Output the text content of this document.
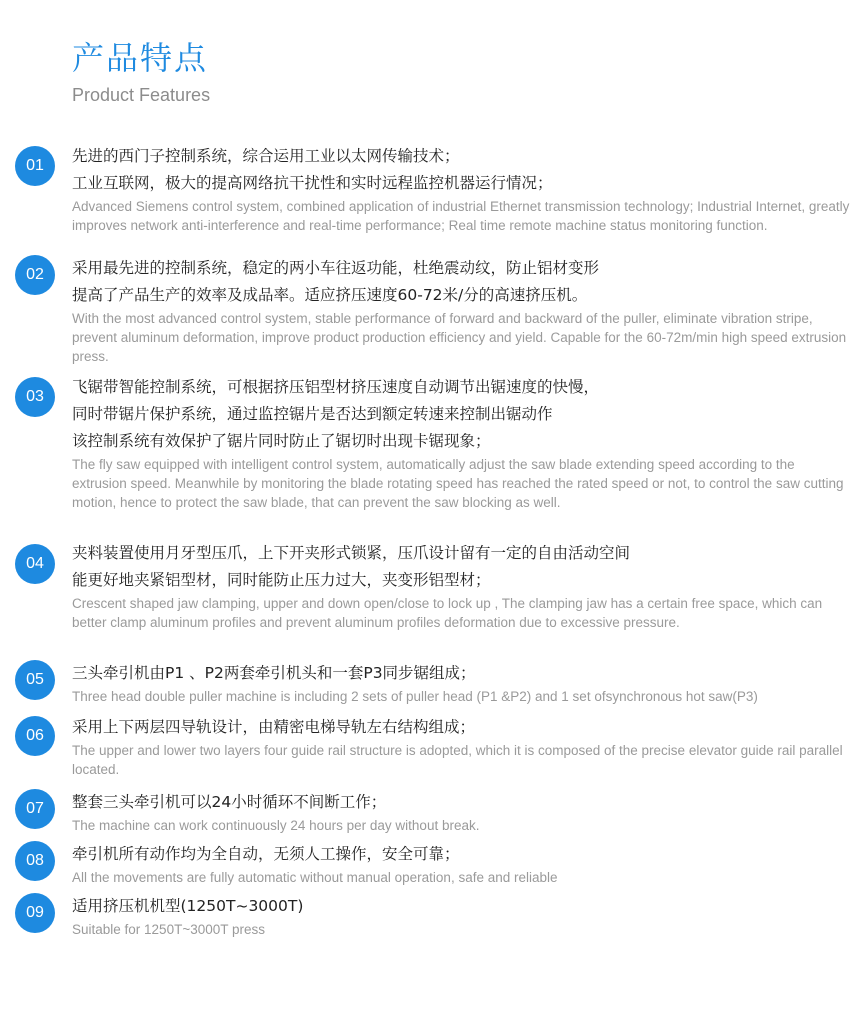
产品特点
Product Features
01
先进的西门子控制系统，综合运用工业以太网传输技术；
工业互联网，极大的提高网络抗干扰性和实时远程监控机器运行情况；
Advanced Siemens control system, combined application of industrial Ethernet transmission technology; Industrial Internet, greatly improves network anti-interference and real-time performance; Real time remote machine status monitoring function.
02	采用最先进的控制系统，稳定的两小车往返功能，杜绝震动纹，防止铝材变形
提高了产品生产的效率及成品率。适应挤压速度60-72米/分的高速挤压机。
With the most advanced control system, stable performance of forward and backward of the puller, eliminate vibration stripe, prevent aluminum deformation, improve product production efficiency and yield. Capable for the 60-72m/min high speed extrusion press.
03
飞锯带智能控制系统，可根据挤压铝型材挤压速度自动调节出锯速度的快慢，
同时带锯片保护系统，通过监控锯片是否达到额定转速来控制出锯动作
该控制系统有效保护了锯片同时防止了锯切时出现卡锯现象；
The fly saw equipped with intelligent control system, automatically adjust the saw blade extending speed according to the extrusion speed. Meanwhile by monitoring the blade rotating speed has reached the rated speed or not, to control the saw cutting motion, hence to protect the saw blade, that can prevent the saw blocking as well.
04
夹料装置使用月牙型压爪，上下开夹形式锁紧，压爪设计留有一定的自由活动空间
能更好地夹紧铝型材，同时能防止压力过大，夹变形铝型材；
Crescent shaped jaw clamping, upper and down open/close to lock up , The clamping jaw has a certain free space, which can better clamp aluminum profiles and prevent aluminum profiles deformation due to excessive pressure.
05	三头牵引机由P1 、P2两套牵引机头和一套P3同步锯组成；
Three head double puller machine is including 2 sets of puller head (P1 &P2) and 1 set ofsynchronous hot saw(P3)
06	采用上下两层四导轨设计，由精密电梯导轨左右结构组成；
The upper and lower two layers four guide rail structure is adopted, which it is composed of the precise elevator guide rail parallel located.
07	整套三头牵引机可以24小时循环不间断工作；
The machine can work continuously 24 hours per day without break.
08	牵引机所有动作均为全自动，无须人工操作，安全可靠；
All the movements are fully automatic without manual operation, safe and reliable
09	适用挤压机机型(1250T~3000T)
Suitable for 1250T~3000T press
